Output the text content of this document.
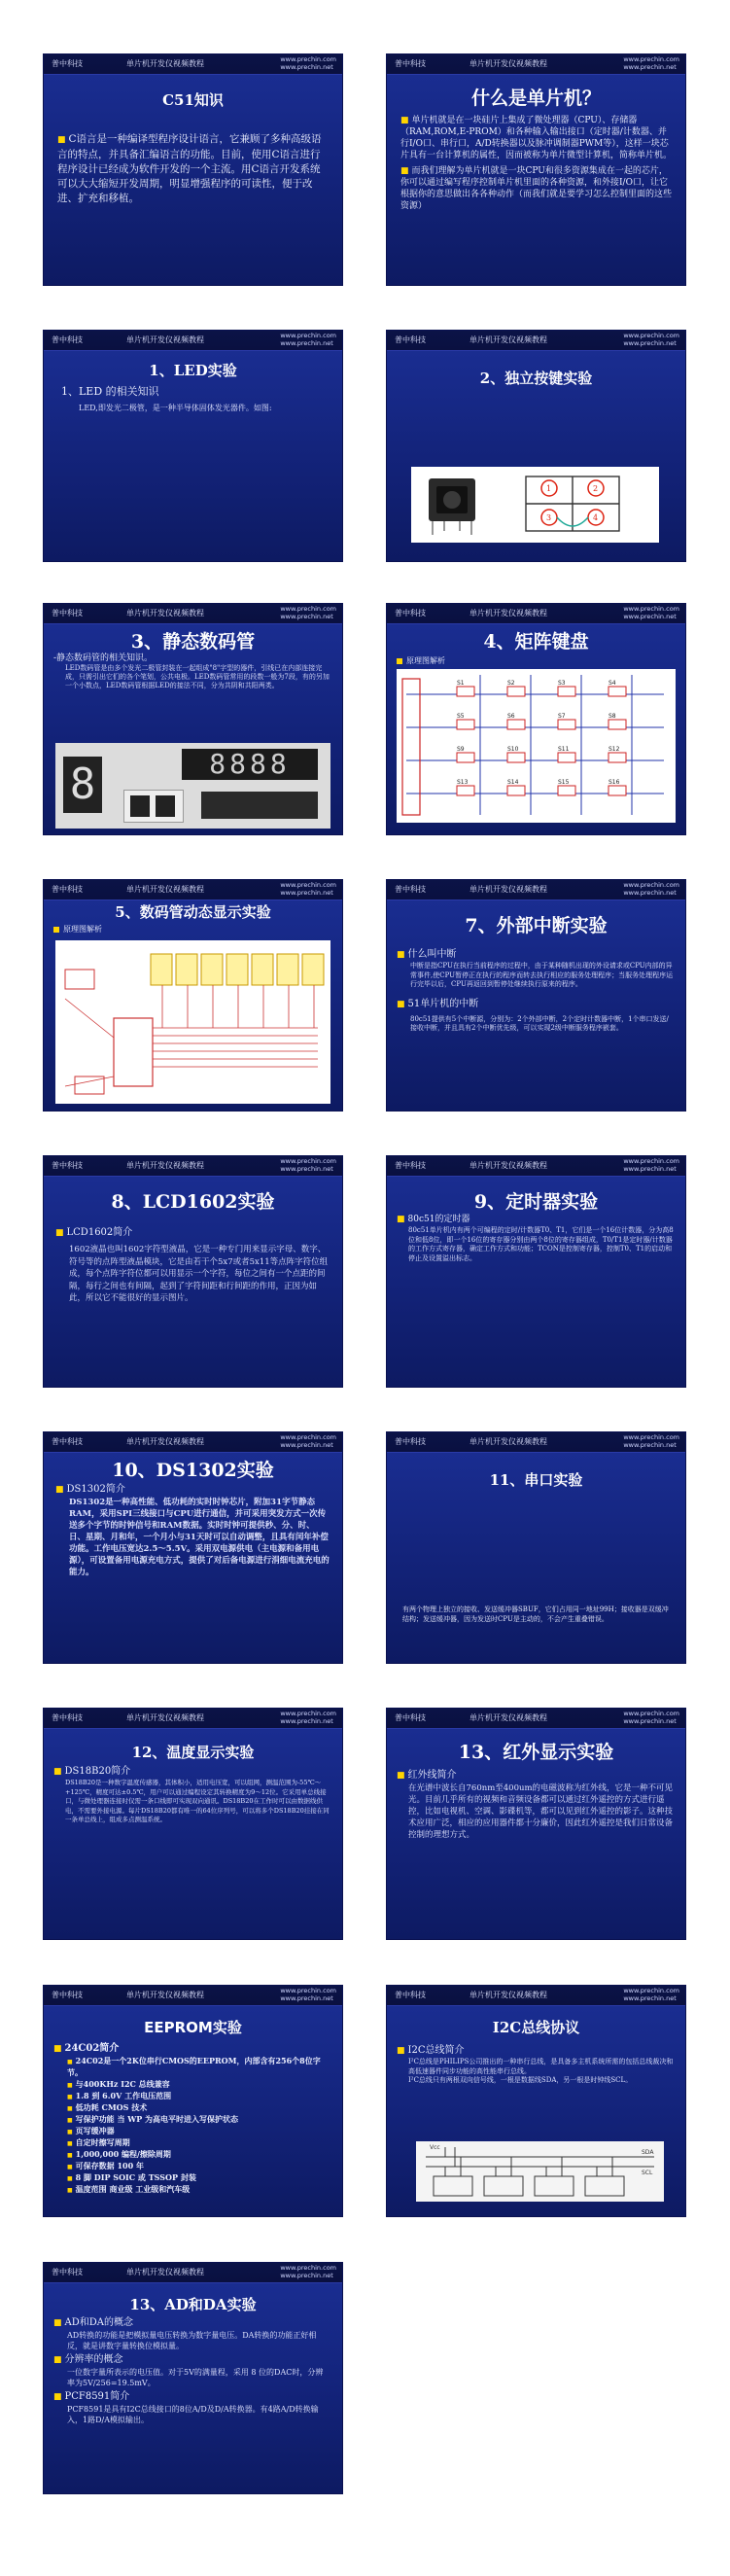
普中科技	单片机开发仪视频教程	www.prechin.com
www.prechin.net
C51知识
■ C语言是一种编译型程序设计语言，它兼顾了多种高级语言的特点，并具备汇编语言的功能。目前，使用C语言进行程序设计已经成为软件开发的一个主流。用C语言开发系统可以大大缩短开发周期，明显增强程序的可读性，便于改进、扩充和移植。
普中科技	单片机开发仪视频教程	www.prechin.com
www.prechin.net
什么是单片机？
■ 单片机就是在一块硅片上集成了微处理器（CPU）、存储器（RAM,ROM,E-PROM）和各种输入输出接口（定时器/计数器、并行I/O口、串行口，A/D转换器以及脉冲调制器PWM等），这样一块芯片具有一台计算机的属性，因而被称为单片微型计算机，简称单片机。
■ 而我们理解为单片机就是一块CPU和很多资源集成在一起的芯片，你可以通过编写程序控制单片机里面的各种资源，和外接I/O口，让它根据你的意思做出各各种动作（而我们就是要学习怎么控制里面的这些资源）
普中科技	单片机开发仪视频教程	www.prechin.com
www.prechin.net
1、LED实验
1、LED 的相关知识
LED,即发光二极管，是一种半导体固体发光器件。如图:
普中科技	单片机开发仪视频教程	www.prechin.com
www.prechin.net
2、独立按键实验
1	2
3	4
普中科技	单片机开发仪视频教程	www.prechin.com
www.prechin.net
3、静态数码管
-静态数码管的相关知识。
LED数码管是由多个发光二极管封装在一起组成"8"字型的器件，引线已在内部连接完成，只需引出它们的各个笔划，公共电极。LED数码管常用的段数一般为7段，有的另加一个小数点，LED数码管根据LED的接法不同，分为共阴和共阳两类。
8	8888
普中科技	单片机开发仪视频教程	www.prechin.com
www.prechin.net
4、矩阵键盘
原理图解析
S1	S2	S3	S4
S5	S6	S7	S8
S9	S10	S11	S12
S13	S14	S15	S16
普中科技	单片机开发仪视频教程	www.prechin.com
www.prechin.net
5、数码管动态显示实验
原理图解析
普中科技	单片机开发仪视频教程	www.prechin.com
www.prechin.net
7、外部中断实验
■ 什么叫中断
中断是指CPU在执行当前程序的过程中，由于某种随机出现的外设请求或CPU内部的异常事件,使CPU暂停正在执行的程序而转去执行相应的服务处理程序；当服务处理程序运行完毕以后，CPU再返回到暂停处继续执行原来的程序。
■ 51单片机的中断
80c51提供有5个中断源，分别为：2个外部中断，2个定时计数器中断，1个串口发送/接收中断，并且具有2个中断优先级，可以实现2级中断服务程序嵌套。
普中科技	单片机开发仪视频教程	www.prechin.com
www.prechin.net
8、LCD1602实验
■ LCD1602简介
1602液晶也叫1602字符型液晶，它是一种专门用来显示字母、数字、符号等的点阵型液晶模块，它是由若干个5x7或者5x11等点阵字符位组成，每个点阵字符位都可以用显示一个字符，每位之间有一个点距的间隔，每行之间也有间隔，起到了字符间距和行间距的作用，正因为如此，所以它不能很好的显示图片。
普中科技	单片机开发仪视频教程	www.prechin.com
www.prechin.net
9、定时器实验
■ 80c51的定时器
80c51单片机内有两个可编程的定时/计数器T0、T1，它们是一个16位计数器，分为高8位和低8位，即一个16位的寄存器分别由两个8位的寄存器组成，T0/T1是定时器/计数器的工作方式寄存器，确定工作方式和功能；TCON是控制寄存器，控制T0、T1的启动和停止及设置溢出标志。
普中科技	单片机开发仪视频教程	www.prechin.com
www.prechin.net
10、DS1302实验
■ DS1302简介
DS1302是一种高性能、低功耗的实时时钟芯片，附加31字节静态RAM，采用SPI三线接口与CPU进行通信，并可采用突发方式一次传送多个字节的时钟信号和RAM数据。实时时钟可提供秒、分、时、日、星期、月和年，一个月小与31天时可以自动调整，且具有闰年补偿功能。工作电压宽达2.5～5.5V。采用双电源供电（主电源和备用电源），可设置备用电源充电方式，提供了对后备电源进行涓细电流充电的能力。
普中科技	单片机开发仪视频教程	www.prechin.com
www.prechin.net
11、串口实验
有两个物理上独立的接收、发送缓冲器SBUF，它们占用同一地址99H；接收器是双缓冲结构；发送缓冲器，因为发送时CPU是主动的，不会产生重叠错误。
普中科技	单片机开发仪视频教程	www.prechin.com
www.prechin.net
12、温度显示实验
■ DS18B20简介
DS18B20是一种数字温度传感器，其体积小，适用电压宽，可以组网，测温范围为-55℃～+125℃，精度可达±0.5℃，用户可以通过编程设定其转换精度为9～12位。它采用单总线接口，与微处理器连接时仅需一条口线即可实现双向通讯。DS18B20在工作时可以由数据线供电，不需要外接电源。每片DS18B20都有唯一的64位序列号，可以将多个DS18B20挂接在同一条单总线上，组成多点测温系统。
普中科技	单片机开发仪视频教程	www.prechin.com
www.prechin.net
13、红外显示实验
■ 红外线简介
在光谱中波长自760nm至400um的电磁波称为红外线，它是一种不可见光。目前几乎所有的视频和音频设备都可以通过红外遥控的方式进行遥控，比如电视机、空调、影碟机等，都可以见到红外遥控的影子。这种技术应用广泛，相应的应用器件都十分廉价，因此红外遥控是我们日常设备控制的理想方式。
普中科技	单片机开发仪视频教程	www.prechin.com
www.prechin.net
EEPROM实验
■ 24C02简介
■ 24C02是一个2K位串行CMOS的EEPROM，内部含有256个8位字节。
■ 与400KHz I2C 总线兼容
■ 1.8 到 6.0V 工作电压范围
■ 低功耗 CMOS 技术
■ 写保护功能 当 WP 为高电平时进入写保护状态
■ 页写缓冲器
■ 自定时擦写周期
■ 1,000,000 编程/擦除周期
■ 可保存数据 100 年
■ 8 脚 DIP SOIC 或 TSSOP 封装
■ 温度范围 商业级 工业级和汽车级
普中科技	单片机开发仪视频教程	www.prechin.com
www.prechin.net
I2C总线协议
■ I2C总线简介
I²C总线是PHILIPS公司推出的一种串行总线，是具备多主机系统所需的包括总线裁决和高低速器件同步功能的高性能串行总线。
I²C总线只有两根双向信号线，一根是数据线SDA，另一根是时钟线SCL。
SDA
SCL
Vcc
普中科技	单片机开发仪视频教程	www.prechin.com
www.prechin.net
13、AD和DA实验
■ AD和DA的概念
AD转换的功能是把模拟量电压转换为数字量电压。DA转换的功能正好相反，就是讲数字量转换位模拟量。
■ 分辨率的概念
一位数字量所表示的电压值。对于5V的满量程，采用 8 位的DAC时，分辨率为5V/256=19.5mV。
■ PCF8591简介
PCF8591是具有I2C总线接口的8位A/D及D/A转换器。有4路A/D转换输入，1路D/A模拟输出。
